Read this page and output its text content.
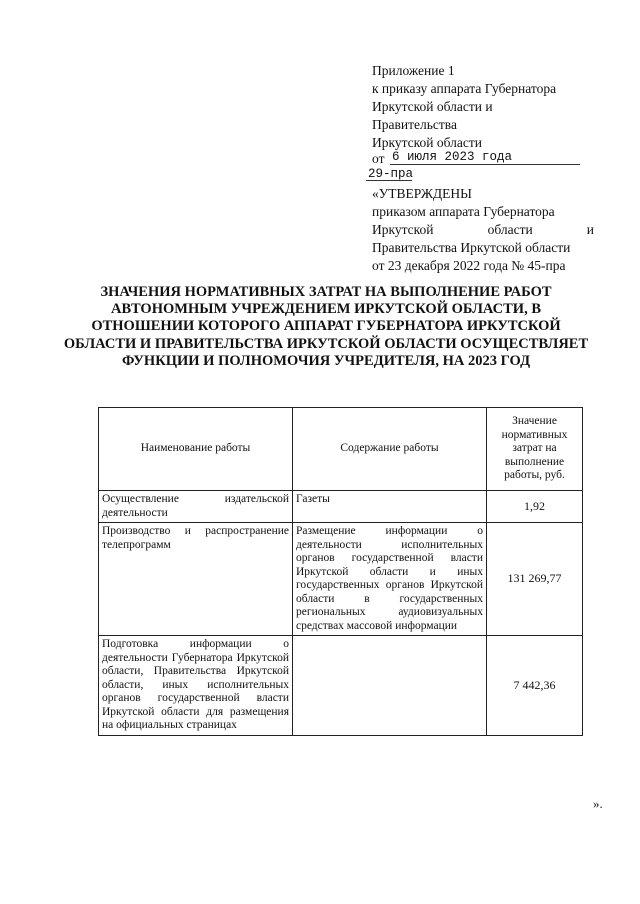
Приложение 1
к приказу аппарата Губернатора
Иркутской области и
Правительства
Иркутской области
от 6 июля 2023 года
29-пра
«УТВЕРЖДЕНЫ
приказом аппарата Губернатора
Иркутской	области	и
Правительства Иркутской области
от 23 декабря 2022 года № 45-пра
ЗНАЧЕНИЯ НОРМАТИВНЫХ ЗАТРАТ НА ВЫПОЛНЕНИЕ РАБОТ АВТОНОМНЫМ УЧРЕЖДЕНИЕМ ИРКУТСКОЙ ОБЛАСТИ, В ОТНОШЕНИИ КОТОРОГО АППАРАТ ГУБЕРНАТОРА ИРКУТСКОЙ ОБЛАСТИ И ПРАВИТЕЛЬСТВА ИРКУТСКОЙ ОБЛАСТИ ОСУЩЕСТВЛЯЕТ ФУНКЦИИ И ПОЛНОМОЧИЯ УЧРЕДИТЕЛЯ, НА 2023 ГОД
Наименование работы	Содержание работы	Значение нормативных затрат на выполнение работы, руб.
Осуществление издательской деятельности	Газеты	1,92
Производство и распространение телепрограмм	Размещение информации о деятельности исполнительных органов государственной власти Иркутской области и иных государственных органов Иркутской области в государственных региональных аудиовизуальных средствах массовой информации	131 269,77
Подготовка информации о деятельности Губернатора Иркутской области, Правительства Иркутской области, иных исполнительных органов государственной власти Иркутской области для размещения на официальных страницах		7 442,36
».
